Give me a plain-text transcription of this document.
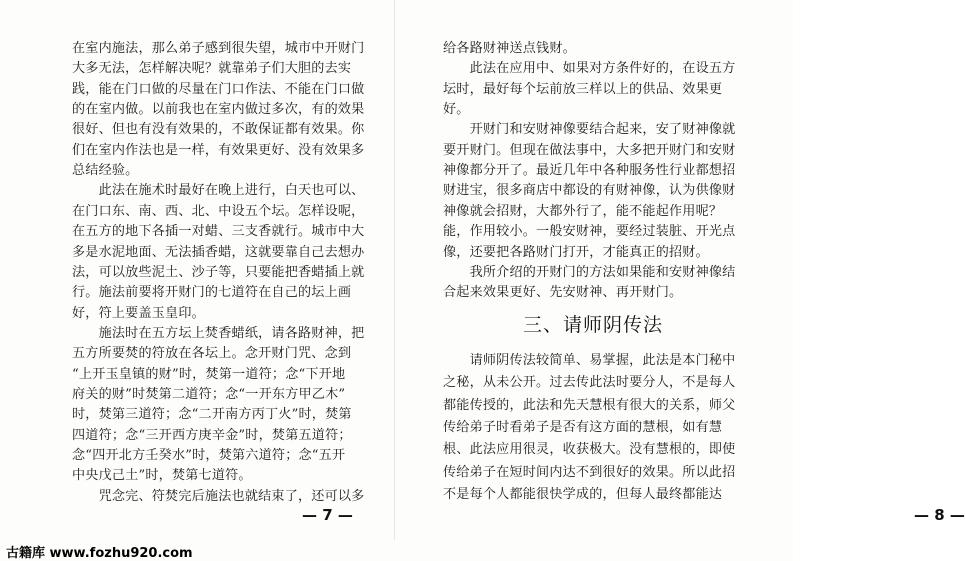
在室内施法，那么弟子感到很失望，城市中开财门
大多无法，怎样解决呢？就靠弟子们大胆的去实
践，能在门口做的尽量在门口作法、不能在门口做
的在室内做。以前我也在室内做过多次，有的效果
很好、但也有没有效果的，不敢保证都有效果。你
们在室内作法也是一样，有效果更好、没有效果多
总结经验。
　　此法在施术时最好在晚上进行，白天也可以、
在门口东、南、西、北、中设五个坛。怎样设呢，
在五方的地下各插一对蜡、三支香就行。城市中大
多是水泥地面、无法插香蜡，这就要靠自己去想办
法，可以放些泥土、沙子等，只要能把香蜡插上就
行。施法前要将开财门的七道符在自己的坛上画
好，符上要盖玉皇印。
　　施法时在五方坛上焚香蜡纸，请各路财神，把
五方所要焚的符放在各坛上。念开财门咒、念到
“上开玉皇镇的财”时，焚第一道符；念“下开地
府关的财”时焚第二道符；念“一开东方甲乙木”
时，焚第三道符；念“二开南方丙丁火”时，焚第
四道符；念“三开西方庚辛金”时，焚第五道符；
念“四开北方壬癸水”时，焚第六道符；念“五开
中央戊己土”时，焚第七道符。
　　咒念完、符焚完后施法也就结束了，还可以多
— 7 —
给各路财神送点钱财。
　　此法在应用中、如果对方条件好的，在设五方
坛时，最好每个坛前放三样以上的供品、效果更
好。
　　开财门和安财神像要结合起来，安了财神像就
要开财门。但现在做法事中，大多把开财门和安财
神像都分开了。最近几年中各种服务性行业都想招
财进宝，很多商店中都设的有财神像，认为供像财
神像就会招财，大都外行了，能不能起作用呢？
能，作用较小。一般安财神，要经过装脏、开光点
像，还要把各路财门打开，才能真正的招财。
　　我所介绍的开财门的方法如果能和安财神像结
合起来效果更好、先安财神、再开财门。
三、请师阴传法
　　请师阴传法较简单、易掌握，此法是本门秘中
之秘，从未公开。过去传此法时要分人，不是每人
都能传授的，此法和先天慧根有很大的关系，师父
传给弟子时看弟子是否有这方面的慧根，如有慧
根、此法应用很灵，收获极大。没有慧根的，即使
传给弟子在短时间内达不到很好的效果。所以此招
不是每个人都能很快学成的，但每人最终都能达
— 8 —
古籍库 www.fozhu920.com
